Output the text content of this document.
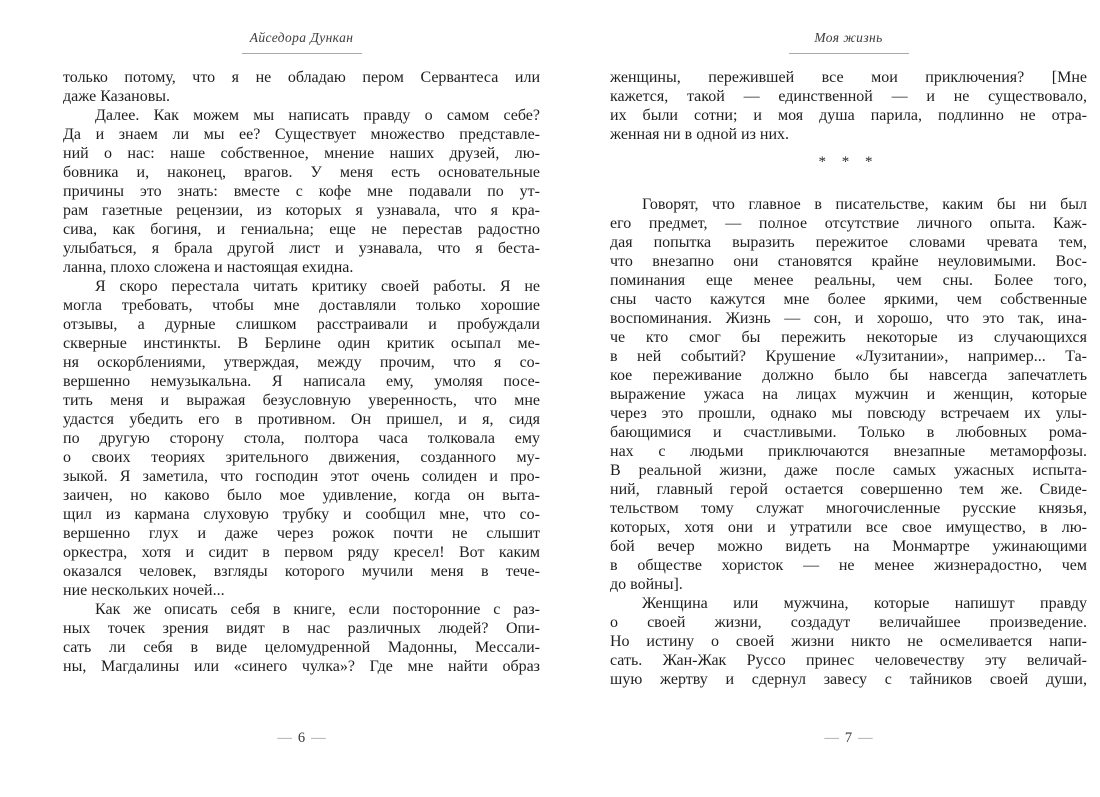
Айседора Дункан
только потому, что я не обладаю пером Сервантеса или
даже Казановы.
Далее. Как можем мы написать правду о самом себе?
Да и знаем ли мы ее? Существует множество представле-
ний о нас: наше собственное, мнение наших друзей, лю-
бовника и, наконец, врагов. У меня есть основательные
причины это знать: вместе с кофе мне подавали по ут-
рам газетные рецензии, из которых я узнавала, что я кра-
сива, как богиня, и гениальна; еще не перестав радостно
улыбаться, я брала другой лист и узнавала, что я беста-
ланна, плохо сложена и настоящая ехидна.
Я скоро перестала читать критику своей работы. Я не
могла требовать, чтобы мне доставляли только хорошие
отзывы, а дурные слишком расстраивали и пробуждали
скверные инстинкты. В Берлине один критик осыпал ме-
ня оскорблениями, утверждая, между прочим, что я со-
вершенно немузыкальна. Я написала ему, умоляя посе-
тить меня и выражая безусловную уверенность, что мне
удастся убедить его в противном. Он пришел, и я, сидя
по другую сторону стола, полтора часа толковала ему
о своих теориях зрительного движения, созданного му-
зыкой. Я заметила, что господин этот очень солиден и про-
заичен, но каково было мое удивление, когда он выта-
щил из кармана слуховую трубку и сообщил мне, что со-
вершенно глух и даже через рожок почти не слышит
оркестра, хотя и сидит в первом ряду кресел! Вот каким
оказался человек, взгляды которого мучили меня в тече-
ние нескольких ночей...
Как же описать себя в книге, если посторонние с раз-
ных точек зрения видят в нас различных людей? Опи-
сать ли себя в виде целомудренной Мадонны, Мессали-
ны, Магдалины или «синего чулка»? Где мне найти образ
— 6 —
Моя жизнь
женщины, пережившей все мои приключения? [Мне
кажется, такой — единственной — и не существовало,
их были сотни; и моя душа парила, подлинно не отра-
женная ни в одной из них.
* * *
Говорят, что главное в писательстве, каким бы ни был
его предмет, — полное отсутствие личного опыта. Каж-
дая попытка выразить пережитое словами чревата тем,
что внезапно они становятся крайне неуловимыми. Вос-
поминания еще менее реальны, чем сны. Более того,
сны часто кажутся мне более яркими, чем собственные
воспоминания. Жизнь — сон, и хорошо, что это так, ина-
че кто смог бы пережить некоторые из случающихся
в ней событий? Крушение «Лузитании», например... Та-
кое переживание должно было бы навсегда запечатлеть
выражение ужаса на лицах мужчин и женщин, которые
через это прошли, однако мы повсюду встречаем их улы-
бающимися и счастливыми. Только в любовных рома-
нах с людьми приключаются внезапные метаморфозы.
В реальной жизни, даже после самых ужасных испыта-
ний, главный герой остается совершенно тем же. Свиде-
тельством тому служат многочисленные русские князья,
которых, хотя они и утратили все свое имущество, в лю-
бой вечер можно видеть на Монмартре ужинающими
в обществе хористок — не менее жизнерадостно, чем
до войны].
Женщина или мужчина, которые напишут правду
о своей жизни, создадут величайшее произведение.
Но истину о своей жизни никто не осмеливается напи-
сать. Жан-Жак Руссо принес человечеству эту величай-
шую жертву и сдернул завесу с тайников своей души,
— 7 —
